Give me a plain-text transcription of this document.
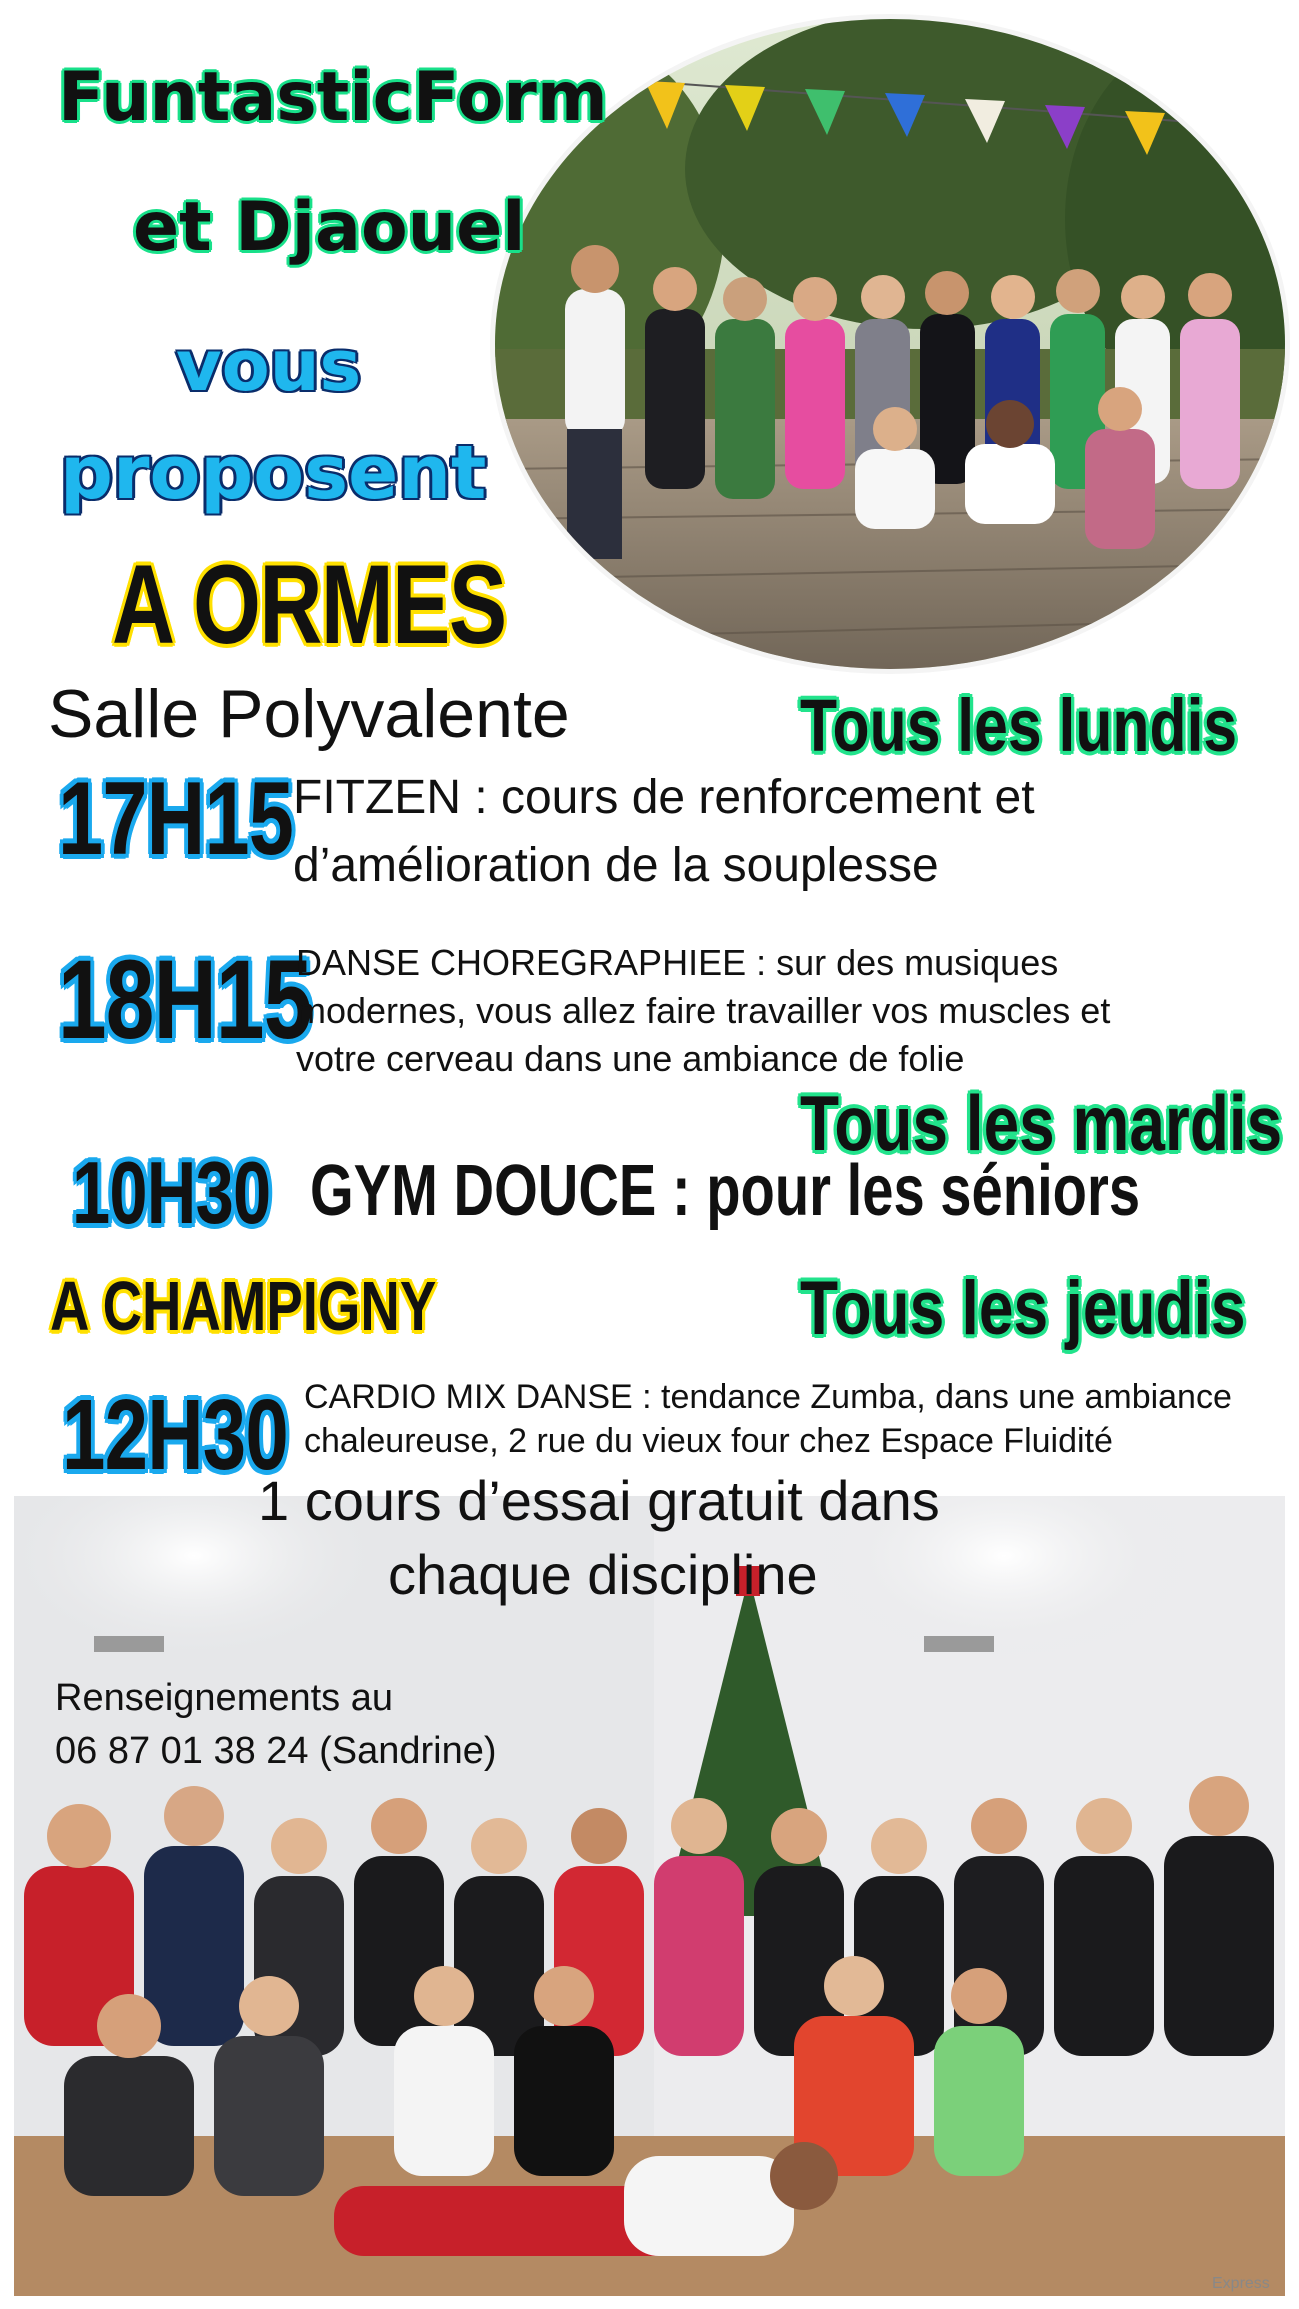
FuntasticForm
et Djaouel
vous
proposent
A ORMES
Salle Polyvalente	Tous les lundis
17H15 FITZEN : cours de renforcement et
d’amélioration de la souplesse
18H15
DANSE CHOREGRAPHIEE : sur des musiques
modernes, vous allez faire travailler vos muscles et
votre cerveau dans une ambiance de folie
Tous les mardis
10H30 GYM DOUCE : pour les séniors
A CHAMPIGNY	Tous les jeudis
12H30 CARDIO MIX DANSE : tendance Zumba, dans une ambiance
chaleureuse, 2 rue du vieux four chez Espace Fluidité
Express
1 cours d’essai gratuit dans
chaque discipline
Renseignements au
06 87 01 38 24 (Sandrine)
